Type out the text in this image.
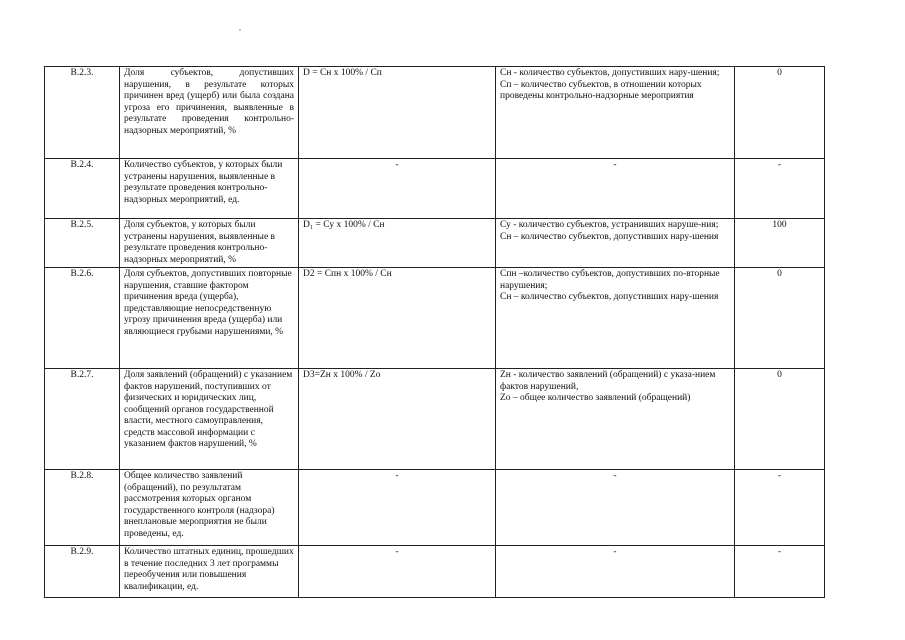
,
В.2.3.	Доля субъектов, допустивших нарушения, в результате которых причинен вред (ущерб) или была создана угроза его причинения, выявленные в результате проведения контрольно-надзорных мероприятий, %	D = Сн х 100% / Сп	Сн - количество субъектов, допустивших нару-шения;
Сп – количество субъектов, в отношении которых проведены контрольно-надзорные мероприятия	0
В.2.4.	Количество субъектов, у которых были устранены нарушения, выявленные в результате проведения контрольно-надзорных мероприятий, ед.	-	-	-
В.2.5.	Доля субъектов, у которых были устранены нарушения, выявленные в результате проведения контрольно-надзорных мероприятий, %	D₁ = Су х 100% / Сн	Су - количество субъектов, устранивших наруше-ния;
Сн – количество субъектов, допустивших нару-шения	100
В.2.6.	Доля субъектов, допустивших повторные нарушения, ставшие фактором причинения вреда (ущерба), представляющие непосредственную угрозу причинения вреда (ущерба) или являющиеся грубыми нарушениями, %	D2 = Спн х 100% / Сн	Спн –количество субъектов, допустивших по-вторные нарушения;
Сн – количество субъектов, допустивших нару-шения	0
В.2.7.	Доля заявлений (обращений) с указанием фактов нарушений, поступивших от физических и юридических лиц, сообщений органов государственной власти, местного самоуправления, средств массовой информации с указанием фактов нарушений, %	D3=Zн х 100% / Zо	Zн - количество заявлений (обращений) с указа-нием фактов нарушений,
Zо – общее количество заявлений (обращений)	0
В.2.8.	Общее количество заявлений (обращений), по результатам рассмотрения которых органом государственного контроля (надзора) внеплановые мероприятия не были проведены, ед.	-	-	-
В.2.9.	Количество штатных единиц, прошедших в течение последних 3 лет программы переобучения или повышения квалификации, ед.	-	-	-
